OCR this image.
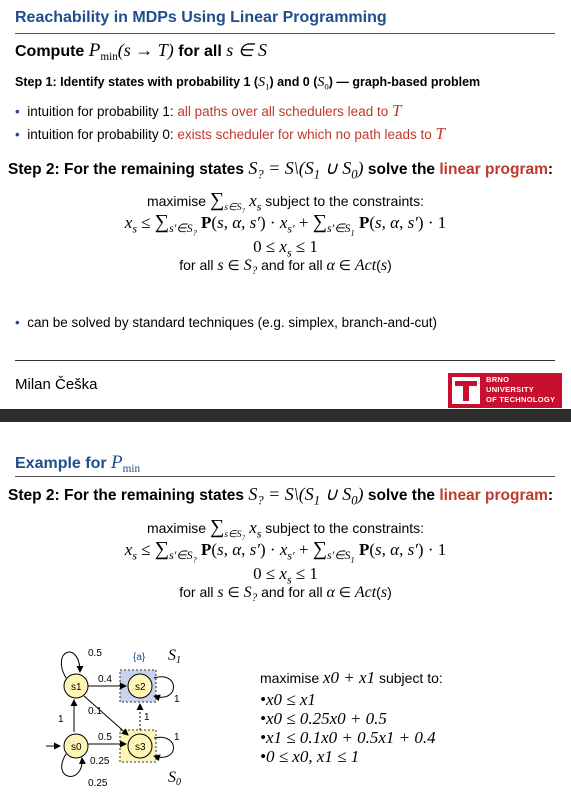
Reachability in MDPs Using Linear Programming
Compute $P_{min}(s \to T)$ for all s ∈ S
Step 1: Identify states with probability 1 $(S_1)$ and 0 $(S_0)$ — graph-based problem
• intuition for probability 1: all paths over all schedulers lead to T
• intuition for probability 0: exists scheduler for which no path leads to T
Step 2: For the remaining states $S_?$ = $S\backslash(S_1$ ∪ $S_0$) solve the linear program:
maximise $\sum_{s\in S_?}$ $x_s$ subject to the constraints:
$x_s \le \sum_{s'\in S_?}$ P(s, α, $s') \cdot x_{s'} + \sum_{s'\in S_1}$ P(s, α, s′) · 1
$0 \le x_s \le 1$
for all s ∈ $S_?$ and for all α ∈ Act(s)
• can be solved by standard techniques (e.g. simplex, branch-and-cut)
Milan Češka	BRNO
UNIVERSITY
OF TECHNOLOGY
Example for $P_{min}$
Step 2: For the remaining states $S_?$ = $S\backslash(S_1$ ∪ $S_0$) solve the linear program:
maximise $\sum_{s\in S_?}$ $x_s$ subject to the constraints:
$x_s \le \sum_{s'\in S_?}$ P(s, α, $s') \cdot x_{s'} + \sum_{s'\in S_1}$ P(s, α, s′) · 1
$0 \le x_s \le 1$
for all s ∈ $S_?$ and for all α ∈ Act(s)
s1	s2
s0	s3
{a}
0.5
0.4
0.1
1
1
0.5
0.25
0.25
1
1
S1
S0
maximise x0 + x1 subject to:
•x0 ≤ x1
•x0 ≤ 0.25x0 + 0.5
•x1 ≤ 0.1x0 + 0.5x1 + 0.4
•0 ≤ x0, x1 ≤ 1
